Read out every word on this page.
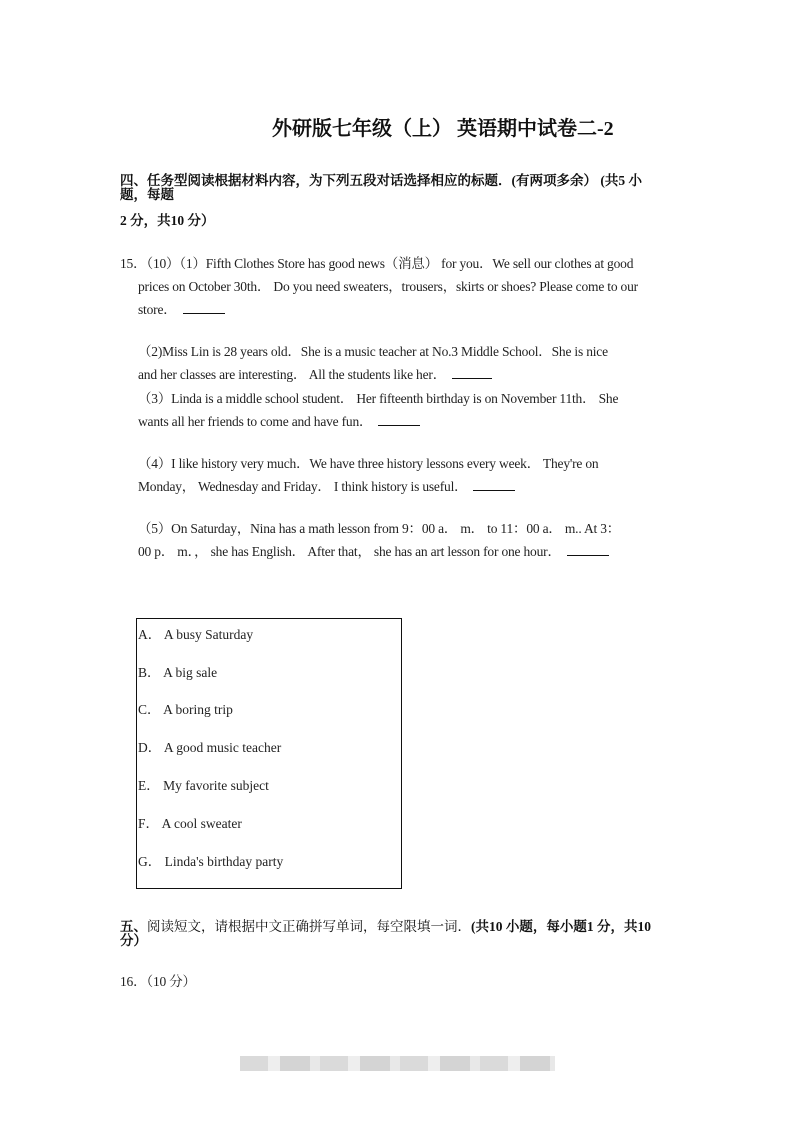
外研版七年级（上） 英语期中试卷二-2
四、任务型阅读根据材料内容，为下列五段对话选择相应的标题．(有两项多余） (共5 小
题，每题
2 分，共10 分）
15．（10）（1）Fifth Clothes Store has good news（消息） for you．We sell our clothes at good
prices on October 30th． Do you need sweaters，trousers，skirts or shoes? Please come to our
store．
（2)Miss Lin is 28 years old．She is a music teacher at No.3 Middle School．She is nice
and her classes are interesting． All the students like her．
（3）Linda is a middle school student． Her fifteenth birthday is on November 11th． She
wants all her friends to come and have fun．
（4）I like history very much．We have three history lessons every week． They're on
Monday， Wednesday and Friday． I think history is useful．
（5）On Saturday，Nina has a math lesson from 9：00 a． m． to 11：00 a． m.. At 3：
00 p． m．， she has English． After that， she has an art lesson for one hour．
A． A busy Saturday
B． A big sale
C． A boring trip
D． A good music teacher
E． My favorite subject
F． A cool sweater
G． Linda's birthday party
五、阅读短文，请根据中文正确拼写单词，每空限填一词．(共10 小题，每小题1 分，共10
分）
16．（10 分）
